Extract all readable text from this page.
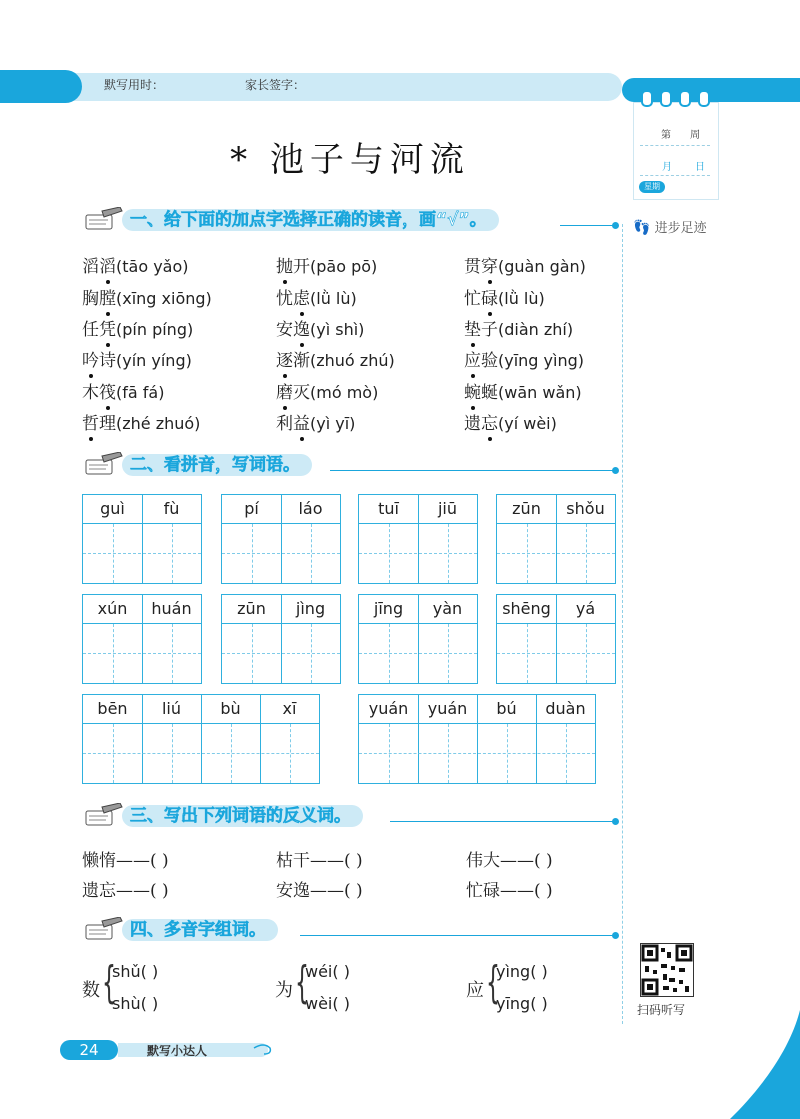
默写用时：	家长签字：
第 周
月 日
星期
👣 进步足迹
* 池子与河流
一、给下面的加点字选择正确的读音，画“√”。
滔滔(tāo yǎo)	抛开(pāo pō)	贯穿(guàn gàn)
胸膛(xīng xiōng)	忧虑(lǜ lù)	忙碌(lǜ lù)
任凭(pín píng)	安逸(yì shì)	垫子(diàn zhí)
吟诗(yín yíng)	逐渐(zhuó zhú)	应验(yīng yìng)
木筏(fā fá)	磨灭(mó mò)	蜿蜒(wān wǎn)
哲理(zhé zhuó)	利益(yì yī)	遗忘(yí wèi)
二、看拼音，写词语。
guì	fù	pí	láo	tuī	jiū	zūn	shǒu
xún	huán	zūn	jìng	jīng	yàn	shēng	yá
bēn	liú	bù	xī	yuán	yuán	bú	duàn
三、写出下列词语的反义词。
懒惰——( )	枯干——( )	伟大——( )
遗忘——( )	安逸——( )	忙碌——( )
四、多音字组词。
数 {
shǔ( )
shù( )
为 {
wéi( )
wèi( )
应 {
yìng( )
yīng( )	扫码听写
24	默写小达人
